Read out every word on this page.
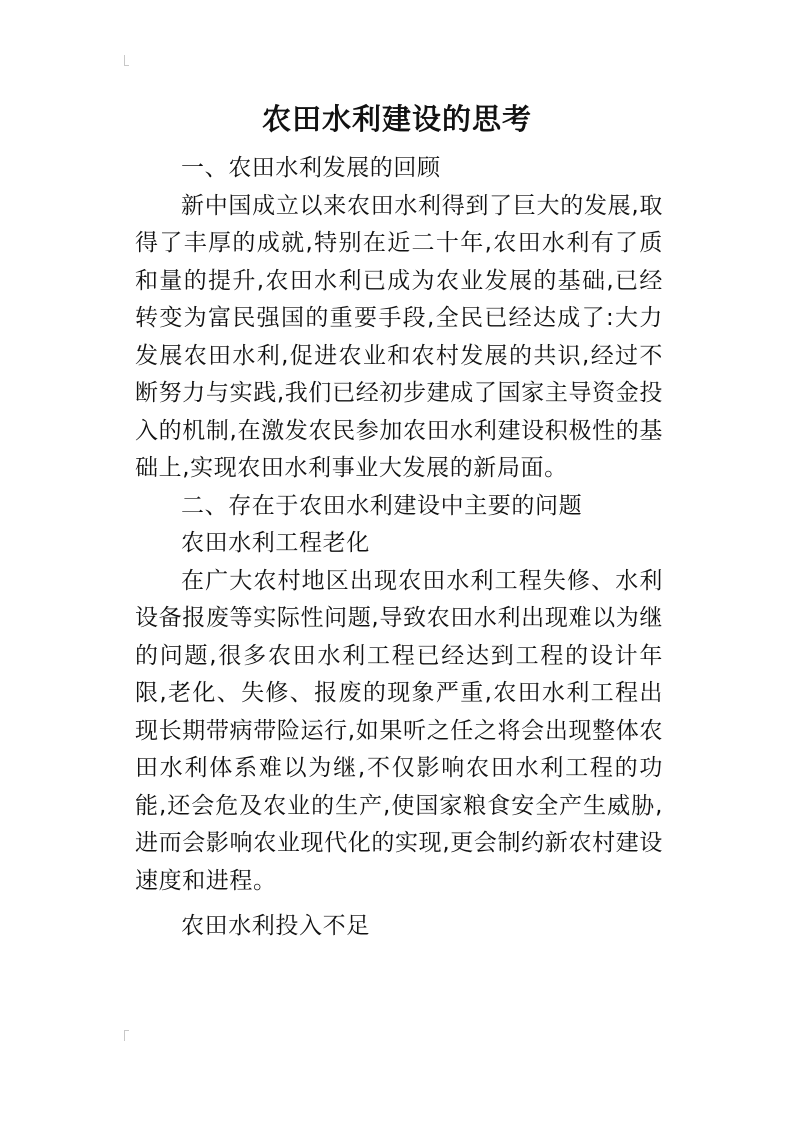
农田水利建设的思考

一、农田水利发展的回顾

新中国成立以来农田水利得到了巨大的发展,取得了丰厚的成就,特别在近二十年,农田水利有了质和量的提升,农田水利已成为农业发展的基础,已经转变为富民强国的重要手段,全民已经达成了:大力发展农田水利,促进农业和农村发展的共识,经过不断努力与实践,我们已经初步建成了国家主导资金投入的机制,在激发农民参加农田水利建设积极性的基础上,实现农田水利事业大发展的新局面。

二、存在于农田水利建设中主要的问题

农田水利工程老化

在广大农村地区出现农田水利工程失修、水利设备报废等实际性问题,导致农田水利出现难以为继的问题,很多农田水利工程已经达到工程的设计年限,老化、失修、报废的现象严重,农田水利工程出现长期带病带险运行,如果听之任之将会出现整体农田水利体系难以为继,不仅影响农田水利工程的功能,还会危及农业的生产,使国家粮食安全产生威胁,进而会影响农业现代化的实现,更会制约新农村建设速度和进程。

农田水利投入不足
